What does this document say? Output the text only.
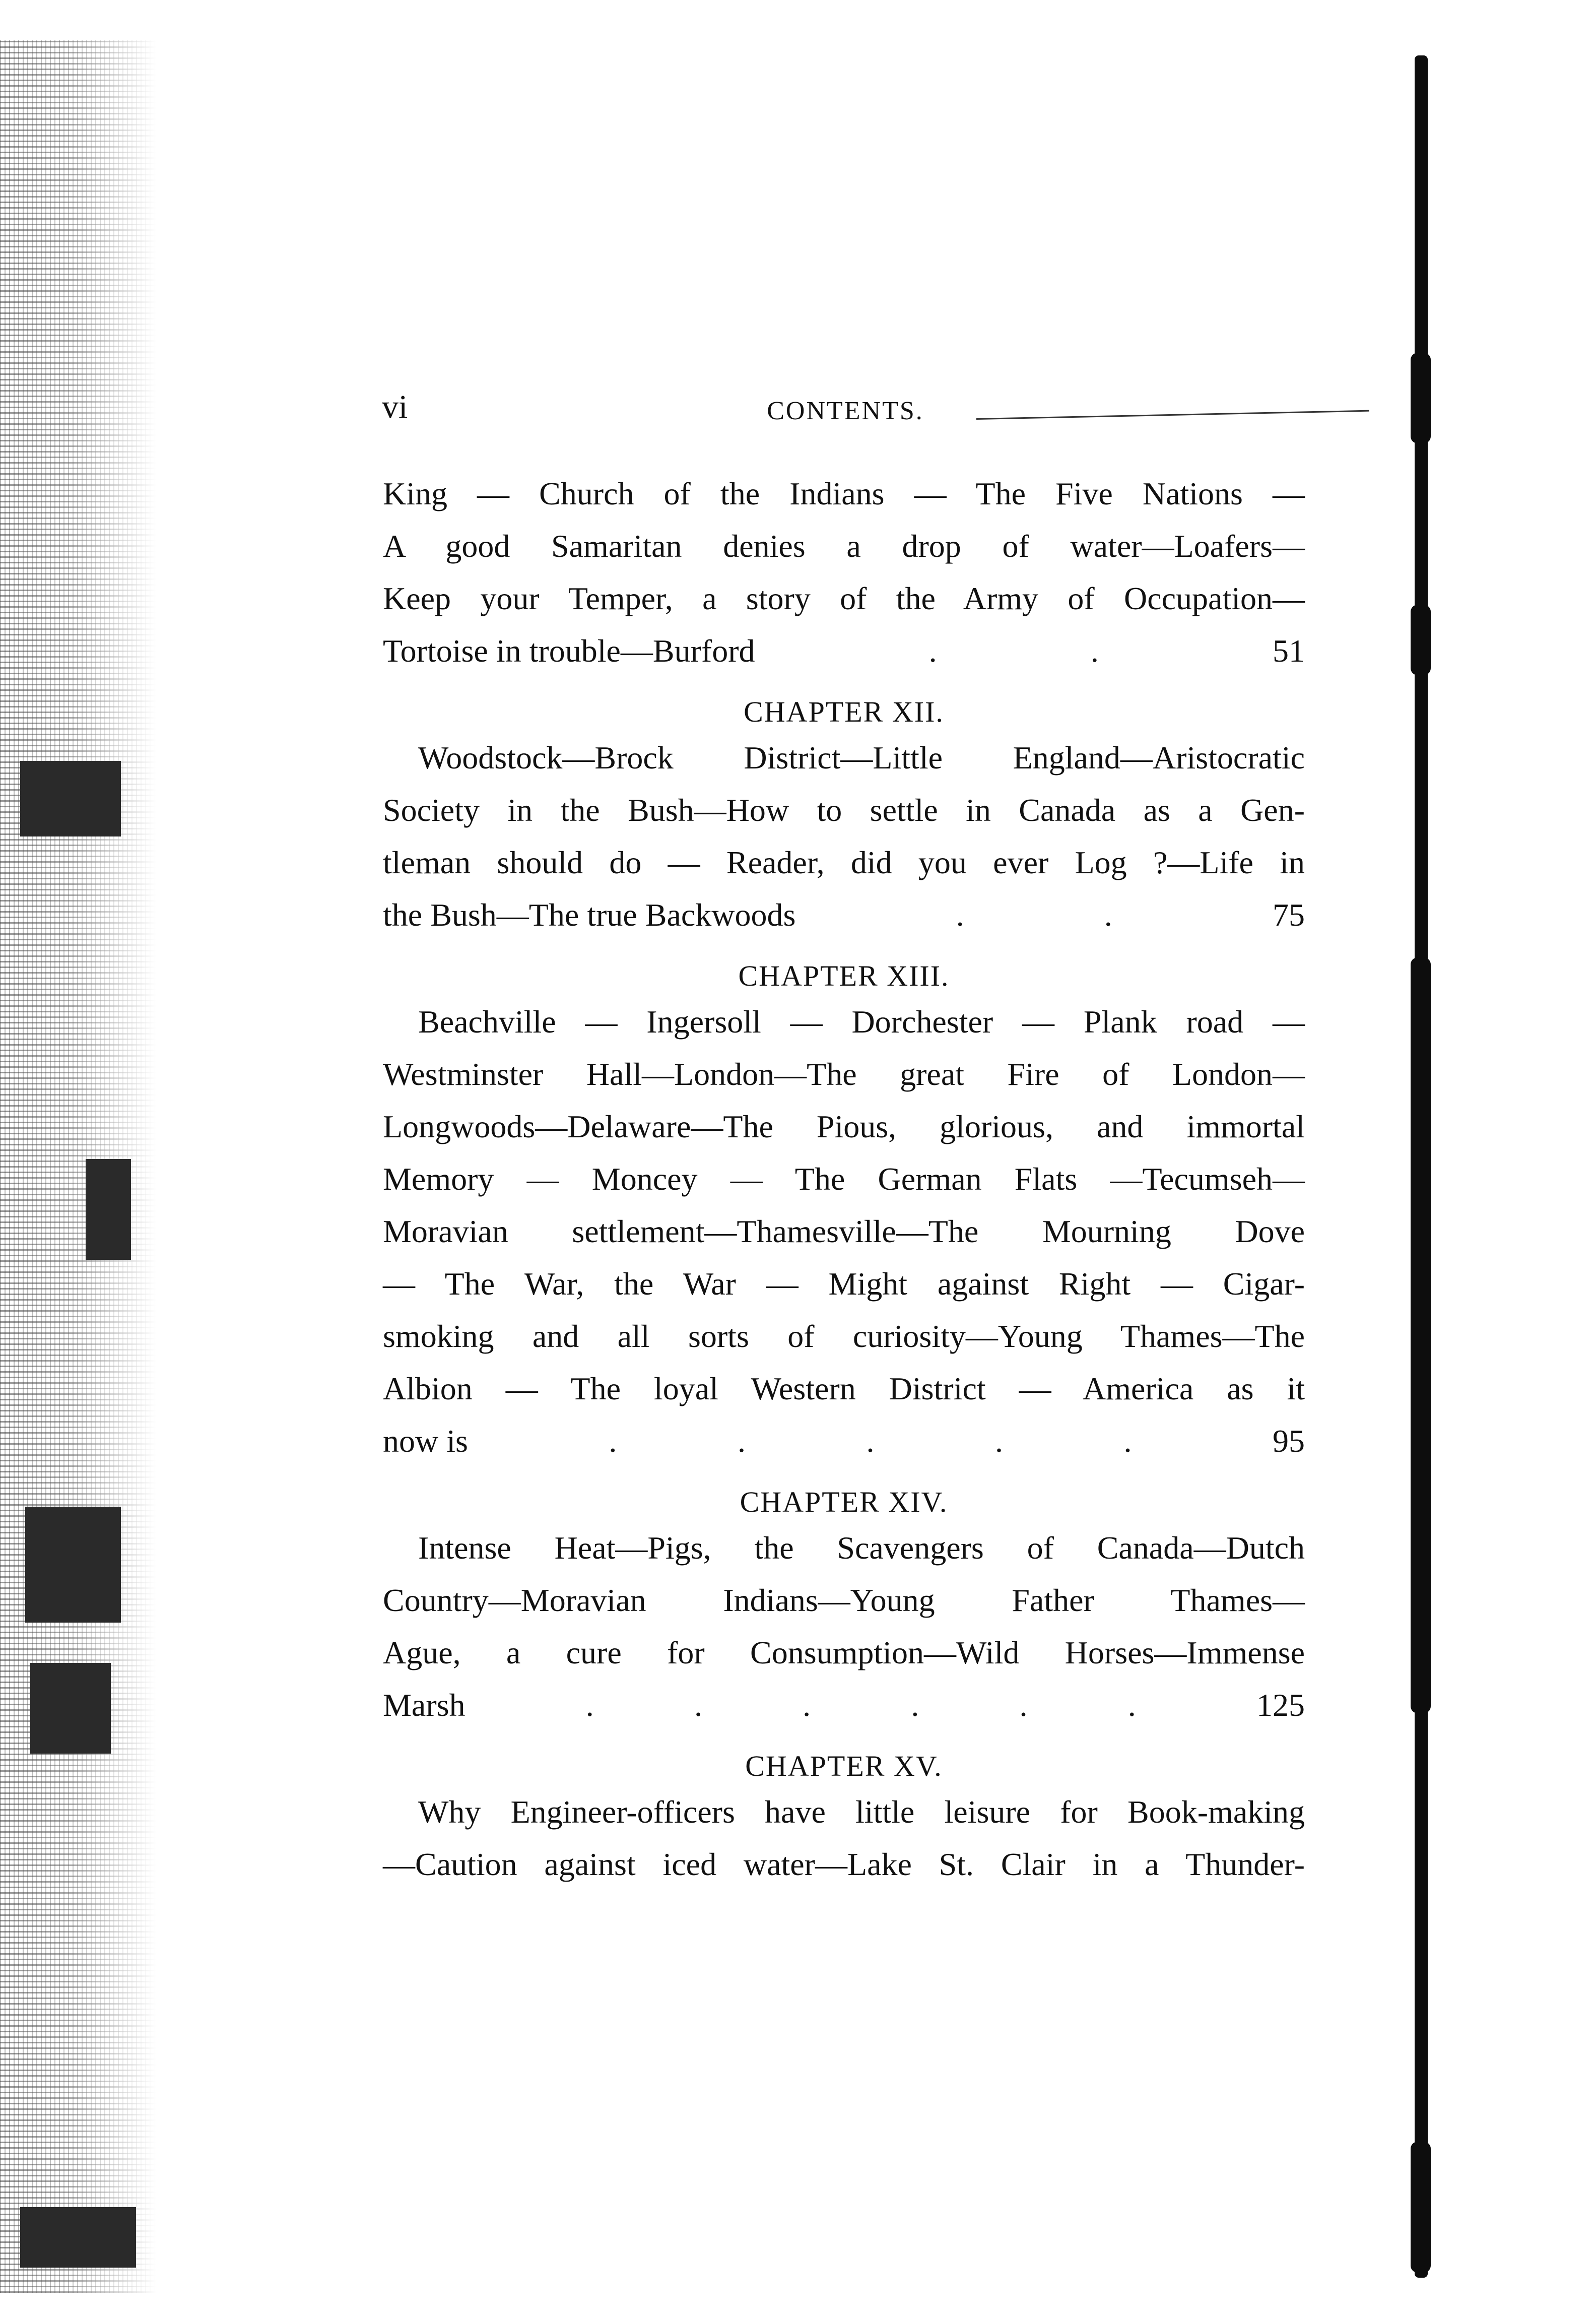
vi	CONTENTS.
King — Church of the Indians — The Five Nations —
A good Samaritan denies a drop of water—Loafers—
Keep your Temper, a story of the Army of Occupation—
Tortoise in trouble—Burford	.	.	51
CHAPTER XII.
Woodstock—Brock District—Little England—Aristocratic
Society in the Bush—How to settle in Canada as a Gen-
tleman should do — Reader, did you ever Log ?—Life in
the Bush—The true Backwoods	.	.	75
CHAPTER XIII.
Beachville — Ingersoll — Dorchester — Plank road —
Westminster Hall—London—The great Fire of London—
Longwoods—Delaware—The Pious, glorious, and immortal
Memory — Moncey — The German Flats —Tecumseh—
Moravian settlement—Thamesville—The Mourning Dove
— The War, the War — Might against Right — Cigar-
smoking and all sorts of curiosity—Young Thames—The
Albion — The loyal Western District — America as it
now is	.	.	.	.	.	95
CHAPTER XIV.
Intense Heat—Pigs, the Scavengers of Canada—Dutch
Country—Moravian Indians—Young Father Thames—
Ague, a cure for Consumption—Wild Horses—Immense
Marsh	.	.	.	.	.	.	125
CHAPTER XV.
Why Engineer-officers have little leisure for Book-making
—Caution against iced water—Lake St. Clair in a Thunder-
